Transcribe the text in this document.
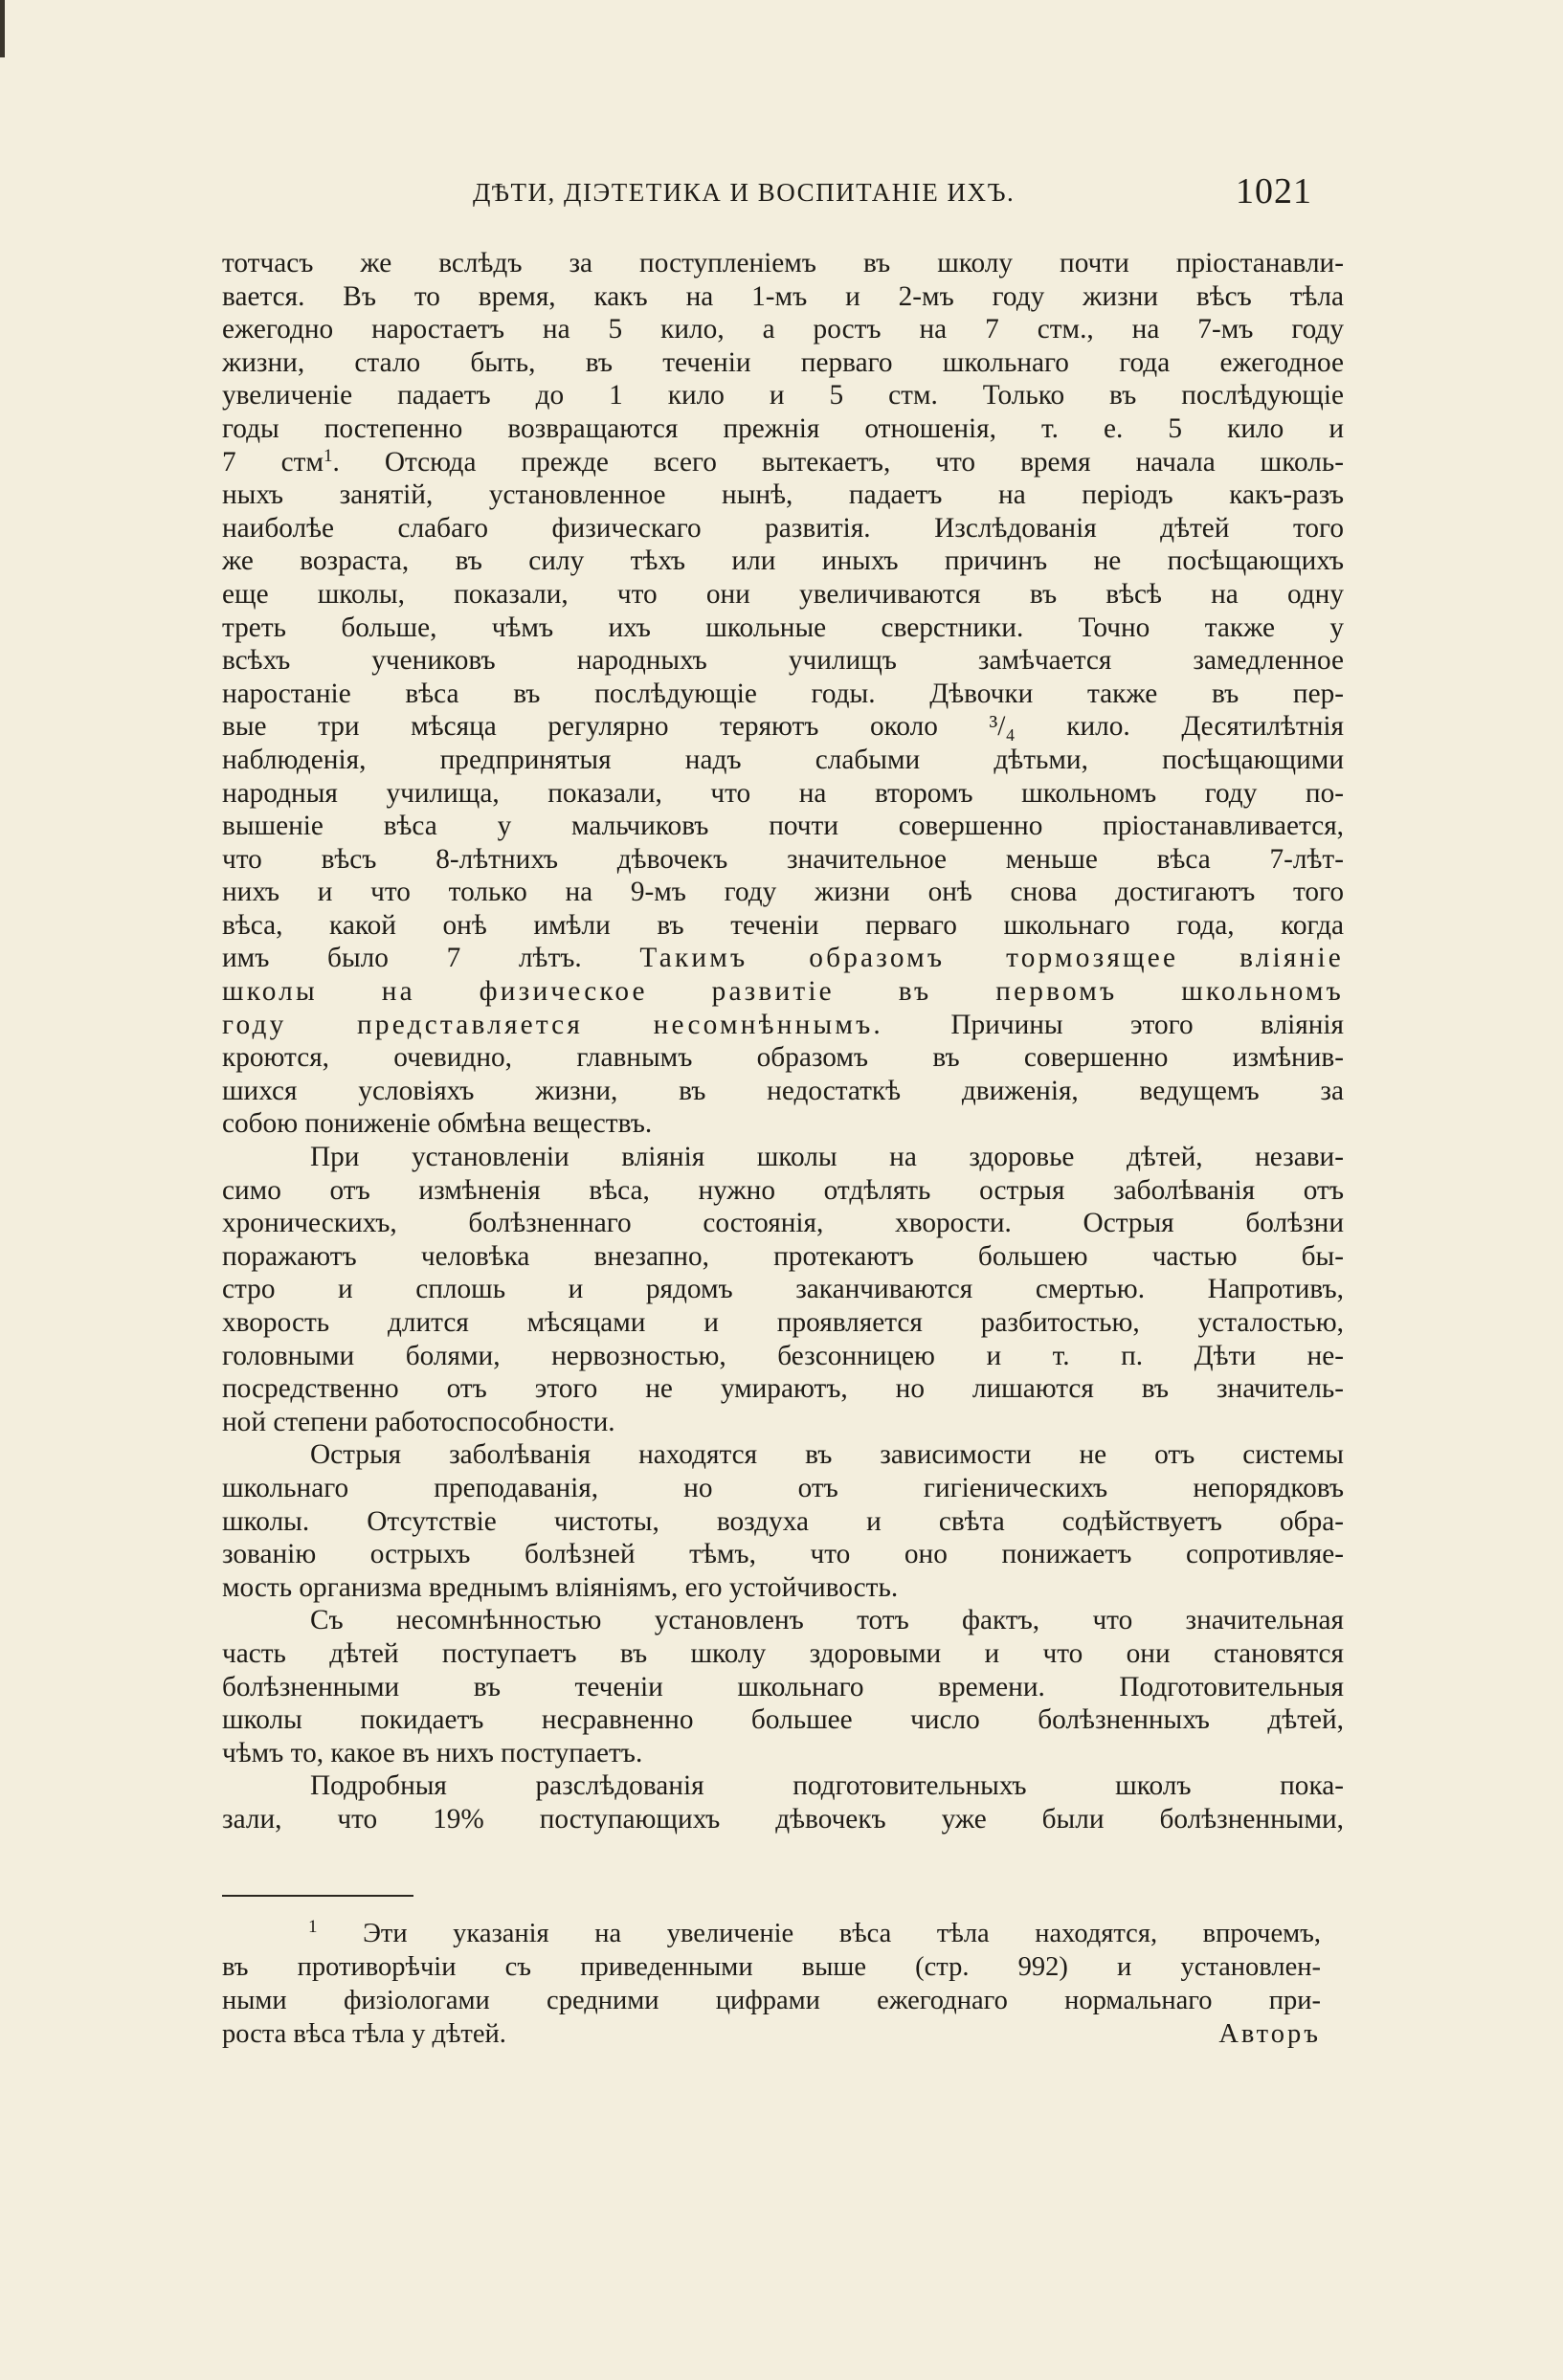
ДѢТИ, ДІЭТЕТИКА И ВОСПИТАНІЕ ИХЪ.	1021
тотчасъ же вслѣдъ за поступленіемъ въ школу почти пріостанавли-
вается. Въ то время, какъ на 1-мъ и 2-мъ году жизни вѣсъ тѣла
ежегодно наростаетъ на 5 кило, а ростъ на 7 стм., на 7-мъ году
жизни, стало быть, въ теченіи перваго школьнаго года ежегодное
увеличеніе падаетъ до 1 кило и 5 стм. Только въ послѣдующіе
годы постепенно возвращаются прежнія отношенія, т. е. 5 кило и
7 стм$^1$. Отсюда прежде всего вытекаетъ, что время начала школь-
ныхъ занятій, установленное нынѣ, падаетъ на періодъ какъ-разъ
наиболѣе слабаго физическаго развитія. Изслѣдованія дѣтей того
же возраста, въ силу тѣхъ или иныхъ причинъ не посѣщающихъ
еще школы, показали, что они увеличиваются въ вѣсѣ на одну
треть больше, чѣмъ ихъ школьные сверстники. Точно также у
всѣхъ учениковъ народныхъ училищъ замѣчается замедленное
наростаніе вѣса въ послѣдующіе годы. Дѣвочки также въ пер-
вые три мѣсяца регулярно теряютъ около ³/₄ кило. Десятилѣтнія
наблюденія, предпринятыя надъ слабыми дѣтьми, посѣщающими
народныя училища, показали, что на второмъ школьномъ году по-
вышеніе вѣса у мальчиковъ почти совершенно пріостанавливается,
что вѣсъ 8-лѣтнихъ дѣвочекъ значительное меньше вѣса 7-лѣт-
нихъ и что только на 9-мъ году жизни онѣ снова достигаютъ того
вѣса, какой онѣ имѣли въ теченіи перваго школьнаго года, когда
имъ было 7 лѣтъ. Такимъ образомъ тормозящее вліяніе
школы на физическое развитіе въ первомъ школьномъ
году представляется несомнѣннымъ. Причины этого вліянія
кроются, очевидно, главнымъ образомъ въ совершенно измѣнив-
шихся условіяхъ жизни, въ недостаткѣ движенія, ведущемъ за
собою пониженіе обмѣна веществъ.
При установленіи вліянія школы на здоровье дѣтей, незави-
симо отъ измѣненія вѣса, нужно отдѣлять острыя заболѣванія отъ
хроническихъ, болѣзненнаго состоянія, хворости. Острыя болѣзни
поражаютъ человѣка внезапно, протекаютъ большею частью бы-
стро и сплошь и рядомъ заканчиваются смертью. Напротивъ,
хворость длится мѣсяцами и проявляется разбитостью, усталостью,
головными болями, нервозностью, безсонницею и т. п. Дѣти не-
посредственно отъ этого не умираютъ, но лишаются въ значитель-
ной степени работоспособности.
Острыя заболѣванія находятся въ зависимости не отъ системы
школьнаго преподаванія, но отъ гигіеническихъ непорядковъ
школы. Отсутствіе чистоты, воздуха и свѣта содѣйствуетъ обра-
зованію острыхъ болѣзней тѣмъ, что оно понижаетъ сопротивляе-
мость организма вреднымъ вліяніямъ, его устойчивость.
Съ несомнѣнностью установленъ тотъ фактъ, что значительная
часть дѣтей поступаетъ въ школу здоровыми и что они становятся
болѣзненными въ теченіи школьнаго времени. Подготовительныя
школы покидаетъ несравненно большее число болѣзненныхъ дѣтей,
чѣмъ то, какое въ нихъ поступаетъ.
Подробныя разслѣдованія подготовительныхъ школъ пока-
зали, что 19% поступающихъ дѣвочекъ уже были болѣзненными,
$^1$ Эти указанія на увеличеніе вѣса тѣла находятся, впрочемъ,
въ противорѣчіи съ приведенными выше (стр. 992) и установлен-
ными физіологами средними цифрами ежегоднаго нормальнаго при-
роста вѣса тѣла у дѣтей.	Авторъ
